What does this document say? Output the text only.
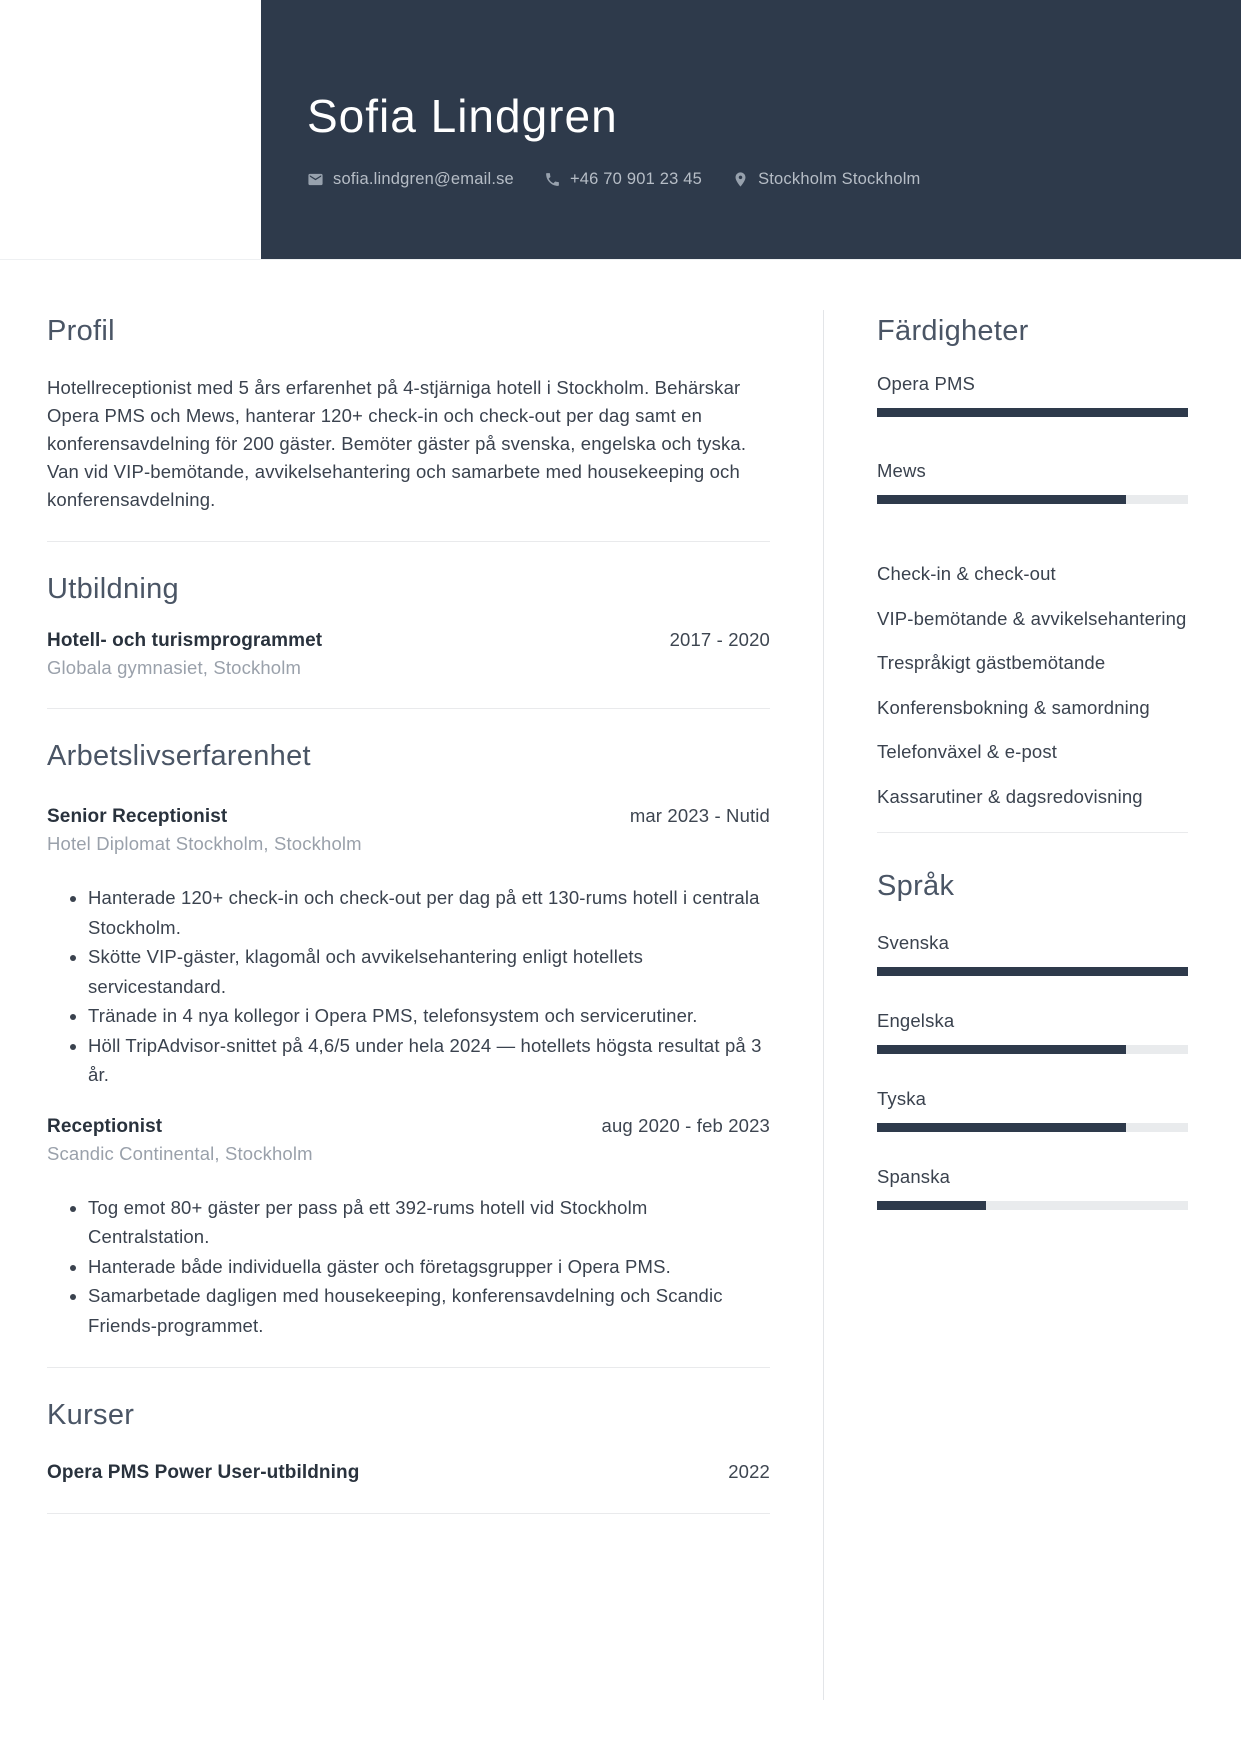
Sofia Lindgren
sofia.lindgren@email.se	+46 70 901 23 45	Stockholm Stockholm
Profil

Hotellreceptionist med 5 års erfarenhet på 4-stjärniga hotell i Stockholm. Behärskar Opera PMS och Mews, hanterar 120+ check-in och check-out per dag samt en konferensavdelning för 200 gäster. Bemöter gäster på svenska, engelska och tyska. Van vid VIP-bemötande, avvikelsehantering och samarbete med housekeeping och konferensavdelning.

Utbildning
Hotell- och turismprogrammet	2017 - 2020
Globala gymnasiet, Stockholm
Arbetslivserfarenhet
Senior Receptionist	mar 2023 - Nutid
Hotel Diplomat Stockholm, Stockholm
• Hanterade 120+ check-in och check-out per dag på ett 130-rums hotell i centrala Stockholm.
• Skötte VIP-gäster, klagomål och avvikelsehantering enligt hotellets servicestandard.
• Tränade in 4 nya kollegor i Opera PMS, telefonsystem och servicerutiner.
• Höll TripAdvisor-snittet på 4,6/5 under hela 2024 — hotellets högsta resultat på 3 år.
Receptionist	aug 2020 - feb 2023
Scandic Continental, Stockholm
• Tog emot 80+ gäster per pass på ett 392-rums hotell vid Stockholm Centralstation.
• Hanterade både individuella gäster och företagsgrupper i Opera PMS.
• Samarbetade dagligen med housekeeping, konferensavdelning och Scandic Friends-programmet.
Kurser
Opera PMS Power User-utbildning	2022
Färdigheter
Opera PMS
Mews
Check-in & check-out
VIP-bemötande & avvikelsehantering
Trespråkigt gästbemötande
Konferensbokning & samordning
Telefonväxel & e-post
Kassarutiner & dagsredovisning
Språk
Svenska
Engelska
Tyska
Spanska
